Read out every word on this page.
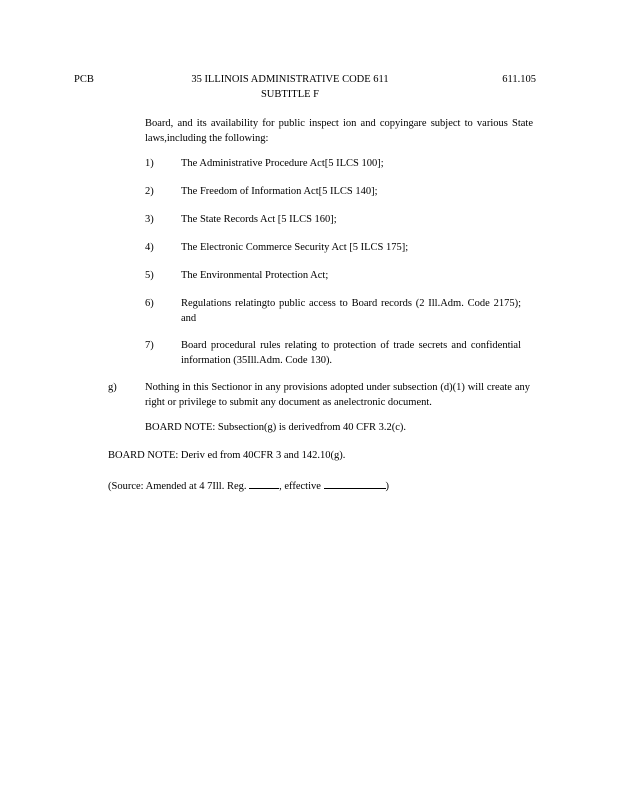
PCB	35 ILLINOIS ADMINISTRATIVE CODE 611
SUBTITLE F
611.105
Board, and its availability for public inspect ion and copyingare subject to various State laws,including the following:
1)	The Administrative Procedure Act[5 ILCS 100];
2)	The Freedom of Information Act[5 ILCS 140];
3)	The State Records Act [5 ILCS 160];
4)	The Electronic Commerce Security Act [5 ILCS 175];
5)	The Environmental Protection Act;
6)	Regulations relatingto public access to Board records (2 Ill.Adm. Code 2175); and
7)	Board procedural rules relating to protection of trade secrets and confidential information (35Ill.Adm. Code 130).
g)	Nothing in this Sectionor in any provisions adopted under subsection (d)(1) will create any right or privilege to submit any document as anelectronic document.
BOARD NOTE: Subsection(g) is derivedfrom 40 CFR 3.2(c).
BOARD NOTE: Deriv ed from 40CFR 3 and 142.10(g).
(Source: Amended at 4 7Ill. Reg.	, effective	)
